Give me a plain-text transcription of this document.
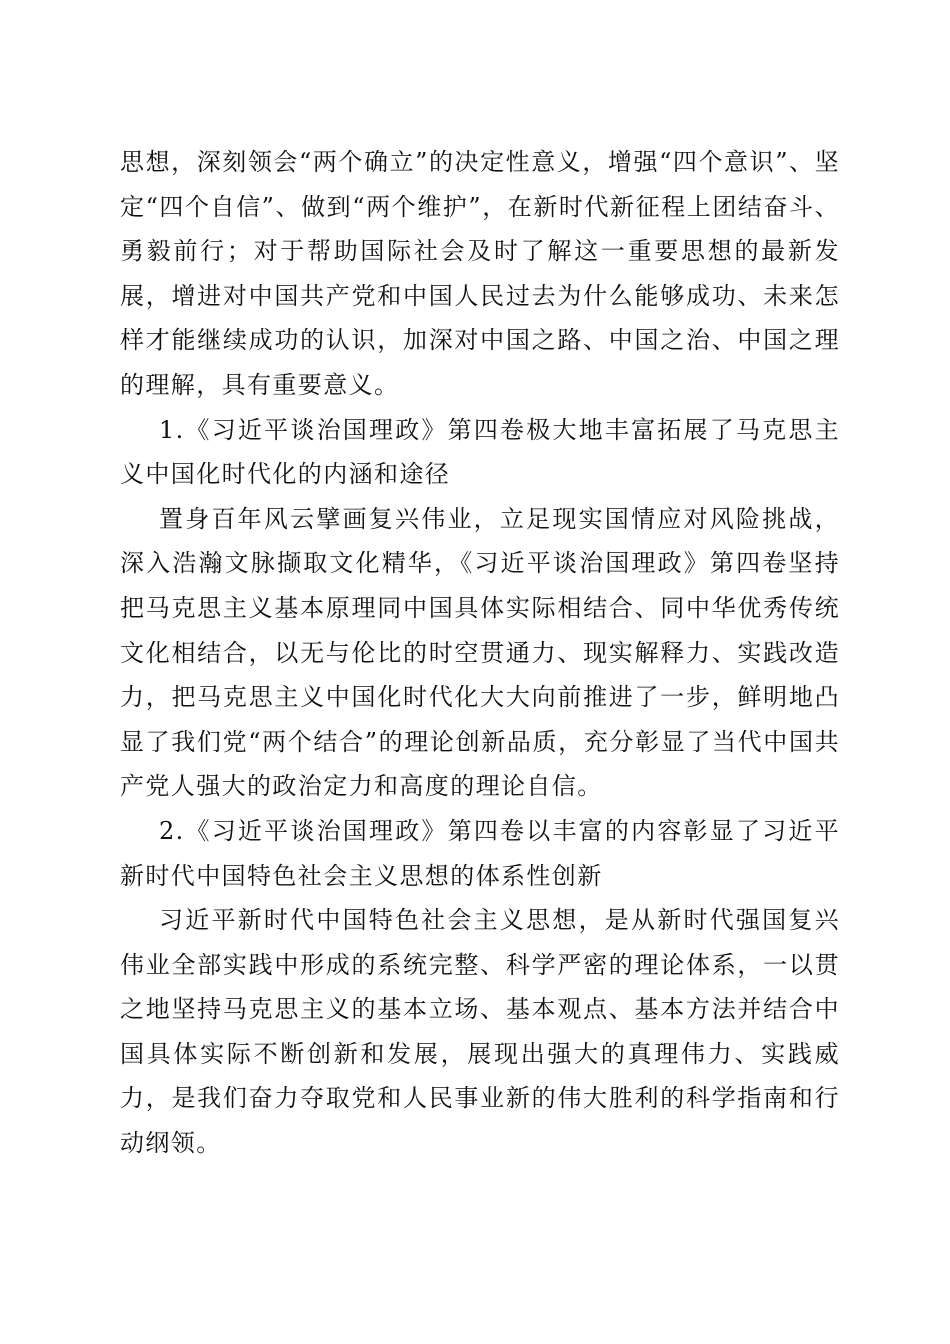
思想，深刻领会“两个确立”的决定性意义，增强“四个意识”、坚定“四个自信”、做到“两个维护”，在新时代新征程上团结奋斗、勇毅前行；对于帮助国际社会及时了解这一重要思想的最新发展，增进对中国共产党和中国人民过去为什么能够成功、未来怎样才能继续成功的认识，加深对中国之路、中国之治、中国之理的理解，具有重要意义。

1.《习近平谈治国理政》第四卷极大地丰富拓展了马克思主义中国化时代化的内涵和途径

置身百年风云擘画复兴伟业，立足现实国情应对风险挑战，深入浩瀚文脉撷取文化精华，《习近平谈治国理政》第四卷坚持把马克思主义基本原理同中国具体实际相结合、同中华优秀传统文化相结合，以无与伦比的时空贯通力、现实解释力、实践改造力，把马克思主义中国化时代化大大向前推进了一步，鲜明地凸显了我们党“两个结合”的理论创新品质，充分彰显了当代中国共产党人强大的政治定力和高度的理论自信。

2.《习近平谈治国理政》第四卷以丰富的内容彰显了习近平新时代中国特色社会主义思想的体系性创新

习近平新时代中国特色社会主义思想，是从新时代强国复兴伟业全部实践中形成的系统完整、科学严密的理论体系，一以贯之地坚持马克思主义的基本立场、基本观点、基本方法并结合中国具体实际不断创新和发展，展现出强大的真理伟力、实践威力，是我们奋力夺取党和人民事业新的伟大胜利的科学指南和行动纲领。
